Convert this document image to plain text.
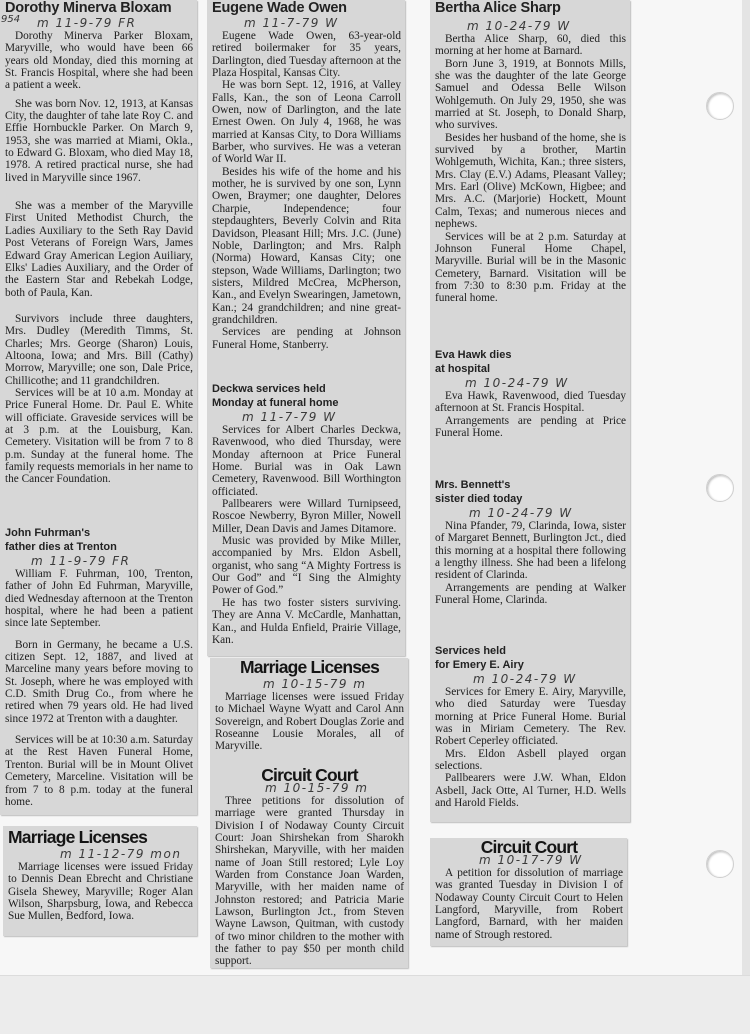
954
Dorothy Minerva Bloxam
m 11-9-79 FR

Dorothy Minerva Parker Bloxam, Maryville, who would have been 66 years old Monday, died this morning at St. Francis Hospital, where she had been a patient a week.

She was born Nov. 12, 1913, at Kansas City, the daughter of tahe late Roy C. and Effie Hornbuckle Parker. On March 9, 1953, she was married at Miami, Okla., to Edward G. Bloxam, who died May 18, 1978. A retired practical nurse, she had lived in Maryville since 1967.

She was a member of the Maryville First United Methodist Church, the Ladies Auxiliary to the Seth Ray David Post Veterans of Foreign Wars, James Edward Gray American Legion Auiliary, Elks' Ladies Auxiliary, and the Order of the Eastern Star and Rebekah Lodge, both of Paula, Kan.

Survivors include three daughters, Mrs. Dudley (Meredith Timms, St. Charles; Mrs. George (Sharon) Louis, Altoona, Iowa; and Mrs. Bill (Cathy) Morrow, Maryville; one son, Dale Price, Chillicothe; and 11 grandchildren.

Services will be at 10 a.m. Monday at Price Funeral Home. Dr. Paul E. White will officiate. Graveside services will be at 3 p.m. at the Louisburg, Kan. Cemetery. Visitation will be from 7 to 8 p.m. Sunday at the funeral home. The family requests memorials in her name to the Cancer Foundation.

John Fuhrman's
father dies at Trenton
m 11-9-79 FR

William F. Fuhrman, 100, Trenton, father of John Ed Fuhrman, Maryville, died Wednesday afternoon at the Trenton hospital, where he had been a patient since late September.

Born in Germany, he became a U.S. citizen Sept. 12, 1887, and lived at Marceline many years before moving to St. Joseph, where he was employed with C.D. Smith Drug Co., from where he retired when 79 years old. He had lived since 1972 at Trenton with a daughter.

Services will be at 10:30 a.m. Saturday at the Rest Haven Funeral Home, Trenton. Burial will be in Mount Olivet Cemetery, Marceline. Visitation will be from 7 to 8 p.m. today at the funeral home.

Marriage Licenses
m 11-12-79 mon

Marriage licenses were issued Friday to Dennis Dean Ebrecht and Christiane Gisela Shewey, Maryville; Roger Alan Wilson, Sharpsburg, Iowa, and Rebecca Sue Mullen, Bedford, Iowa.

Eugene Wade Owen
m 11-7-79 W

Eugene Wade Owen, 63-year-old retired boilermaker for 35 years, Darlington, died Tuesday afternoon at the Plaza Hospital, Kansas City.

He was born Sept. 12, 1916, at Valley Falls, Kan., the son of Leona Carroll Owen, now of Darlington, and the late Ernest Owen. On July 4, 1968, he was married at Kansas City, to Dora Williams Barber, who survives. He was a veteran of World War II.

Besides his wife of the home and his mother, he is survived by one son, Lynn Owen, Braymer; one daughter, Delores Charpie, Independence; four stepdaughters, Beverly Colvin and Rita Davidson, Pleasant Hill; Mrs. J.C. (June) Noble, Darlington; and Mrs. Ralph (Norma) Howard, Kansas City; one stepson, Wade Williams, Darlington; two sisters, Mildred McCrea, McPherson, Kan., and Evelyn Swearingen, Jametown, Kan.; 24 grandchildren; and nine great-grandchildren.

Services are pending at Johnson Funeral Home, Stanberry.

Deckwa services held
Monday at funeral home
m 11-7-79 W

Services for Albert Charles Deckwa, Ravenwood, who died Thursday, were Monday afternoon at Price Funeral Home. Burial was in Oak Lawn Cemetery, Ravenwood. Bill Worthington officiated.

Pallbearers were Willard Turnipseed, Roscoe Newberry, Byron Miller, Nowell Miller, Dean Davis and James Ditamore.

Music was provided by Mike Miller, accompanied by Mrs. Eldon Asbell, organist, who sang “A Mighty Fortress is Our God” and “I Sing the Almighty Power of God.”

He has two foster sisters surviving. They are Anna V. McCardle, Manhattan, Kan., and Hulda Enfield, Prairie Village, Kan.

Marriage Licenses
m 10-15-79 m

Marriage licenses were issued Friday to Michael Wayne Wyatt and Carol Ann Sovereign, and Robert Douglas Zorie and Roseanne Lousie Morales, all of Maryville.

Circuit Court
m 10-15-79 m

Three petitions for dissolution of marriage were granted Thursday in Division I of Nodaway County Circuit Court: Joan Shirshekan from Sharokh Shirshekan, Maryville, with her maiden name of Joan Still restored; Lyle Loy Warden from Constance Joan Warden, Maryville, with her maiden name of Johnston restored; and Patricia Marie Lawson, Burlington Jct., from Steven Wayne Lawson, Quitman, with custody of two minor children to the mother with the father to pay $50 per month child support.

Bertha Alice Sharp
m 10-24-79 W

Bertha Alice Sharp, 60, died this morning at her home at Barnard.

Born June 3, 1919, at Bonnots Mills, she was the daughter of the late George Samuel and Odessa Belle Wilson Wohlgemuth. On July 29, 1950, she was married at St. Joseph, to Donald Sharp, who survives.

Besides her husband of the home, she is survived by a brother, Martin Wohlgemuth, Wichita, Kan.; three sisters, Mrs. Clay (E.V.) Adams, Pleasant Valley; Mrs. Earl (Olive) McKown, Higbee; and Mrs. A.C. (Marjorie) Hockett, Mount Calm, Texas; and numerous nieces and nephews.

Services will be at 2 p.m. Saturday at Johnson Funeral Home Chapel, Maryville. Burial will be in the Masonic Cemetery, Barnard. Visitation will be from 7:30 to 8:30 p.m. Friday at the funeral home.

Eva Hawk dies
at hospital
m 10-24-79 W

Eva Hawk, Ravenwood, died Tuesday afternoon at St. Francis Hospital.

Arrangements are pending at Price Funeral Home.

Mrs. Bennett's
sister died today
m 10-24-79 W

Nina Pfander, 79, Clarinda, Iowa, sister of Margaret Bennett, Burlington Jct., died this morning at a hospital there following a lengthy illness. She had been a lifelong resident of Clarinda.

Arrangements are pending at Walker Funeral Home, Clarinda.

Services held
for Emery E. Airy
m 10-24-79 W

Services for Emery E. Airy, Maryville, who died Saturday were Tuesday morning at Price Funeral Home. Burial was in Miriam Cemetery. The Rev. Robert Ceperley officiated.

Mrs. Eldon Asbell played organ selections.

Pallbearers were J.W. Whan, Eldon Asbell, Jack Otte, Al Turner, H.D. Wells and Harold Fields.

Circuit Court
m 10-17-79 W

A petition for dissolution of marriage was granted Tuesday in Division I of Nodaway County Circuit Court to Helen Langford, Maryville, from Robert Langford, Barnard, with her maiden name of Strough restored.
